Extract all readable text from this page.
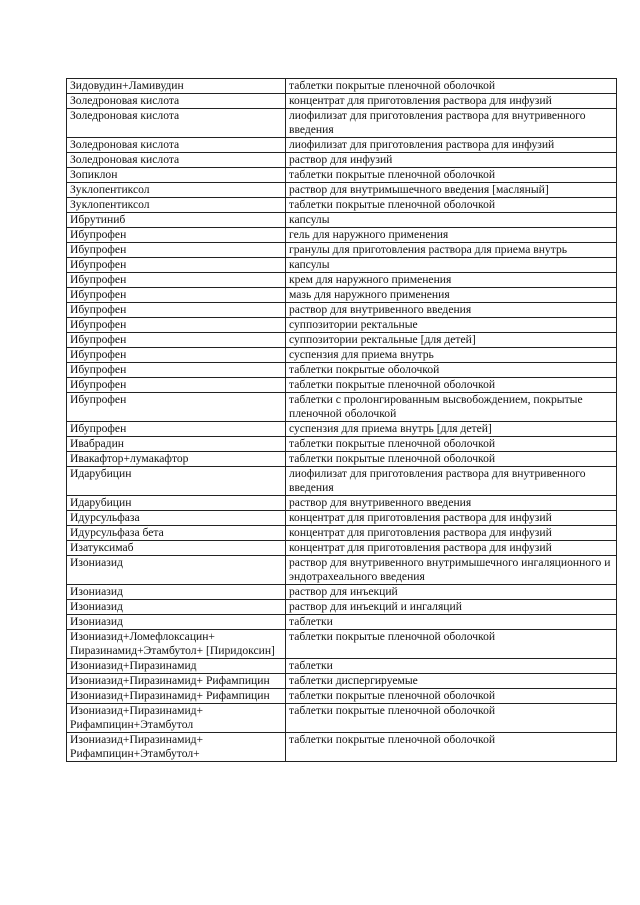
Зидовудин+Ламивудин	таблетки покрытые пленочной оболочкой
Золедроновая кислота	концентрат для приготовления раствора для инфузий
Золедроновая кислота	лиофилизат для приготовления раствора для внутривенного введения
Золедроновая кислота	лиофилизат для приготовления раствора для инфузий
Золедроновая кислота	раствор для инфузий
Зопиклон	таблетки покрытые пленочной оболочкой
Зуклопентиксол	раствор для внутримышечного введения [масляный]
Зуклопентиксол	таблетки покрытые пленочной оболочкой
Ибрутиниб	капсулы
Ибупрофен	гель для наружного применения
Ибупрофен	гранулы для приготовления раствора для приема внутрь
Ибупрофен	капсулы
Ибупрофен	крем для наружного применения
Ибупрофен	мазь для наружного применения
Ибупрофен	раствор для внутривенного введения
Ибупрофен	суппозитории ректальные
Ибупрофен	суппозитории ректальные [для детей]
Ибупрофен	суспензия для приема внутрь
Ибупрофен	таблетки покрытые оболочкой
Ибупрофен	таблетки покрытые пленочной оболочкой
Ибупрофен	таблетки с пролонгированным высвобождением, покрытые пленочной оболочкой
Ибупрофен	суспензия для приема внутрь [для детей]
Ивабрадин	таблетки покрытые пленочной оболочкой
Ивакафтор+лумакафтор	таблетки покрытые пленочной оболочкой
Идарубицин	лиофилизат для приготовления раствора для внутривенного введения
Идарубицин	раствор для внутривенного введения
Идурсульфаза	концентрат для приготовления раствора для инфузий
Идурсульфаза бета	концентрат для приготовления раствора для инфузий
Изатуксимаб	концентрат для приготовления раствора для инфузий
Изониазид	раствор для внутривенного внутримышечного ингаляционного и эндотрахеального введения
Изониазид	раствор для инъекций
Изониазид	раствор для инъекций и ингаляций
Изониазид	таблетки
Изониазид+Ломефлоксацин+ Пиразинамид+Этамбутол+ [Пиридоксин]	таблетки покрытые пленочной оболочкой
Изониазид+Пиразинамид	таблетки
Изониазид+Пиразинамид+ Рифампицин	таблетки диспергируемые
Изониазид+Пиразинамид+ Рифампицин	таблетки покрытые пленочной оболочкой
Изониазид+Пиразинамид+ Рифампицин+Этамбутол	таблетки покрытые пленочной оболочкой
Изониазид+Пиразинамид+ Рифампицин+Этамбутол+	таблетки покрытые пленочной оболочкой
